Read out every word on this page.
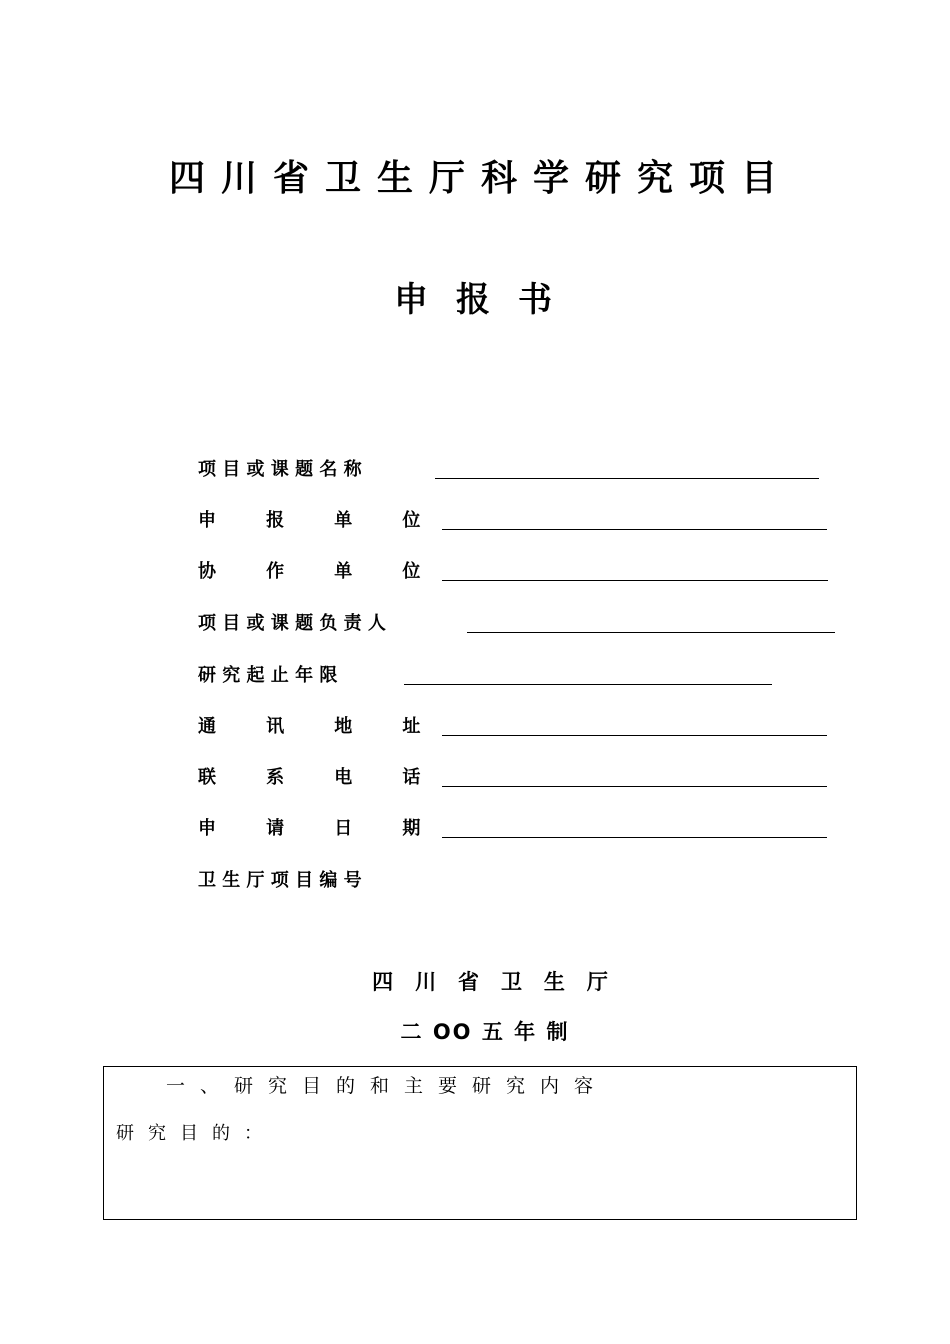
四川省卫生厅科学研究项目
申报书
项 目 或 课 题 名 称
申        报        单        位
协        作        单        位
项 目 或 课 题 负 责 人
研 究 起 止 年 限
通        讯        地        址
联        系        电        话
申        请        日        期
卫 生 厅 项 目 编 号
四   川   省   卫   生   厅
二 OO 五 年 制
一、研究目的和主要研究内容
研究目的：
